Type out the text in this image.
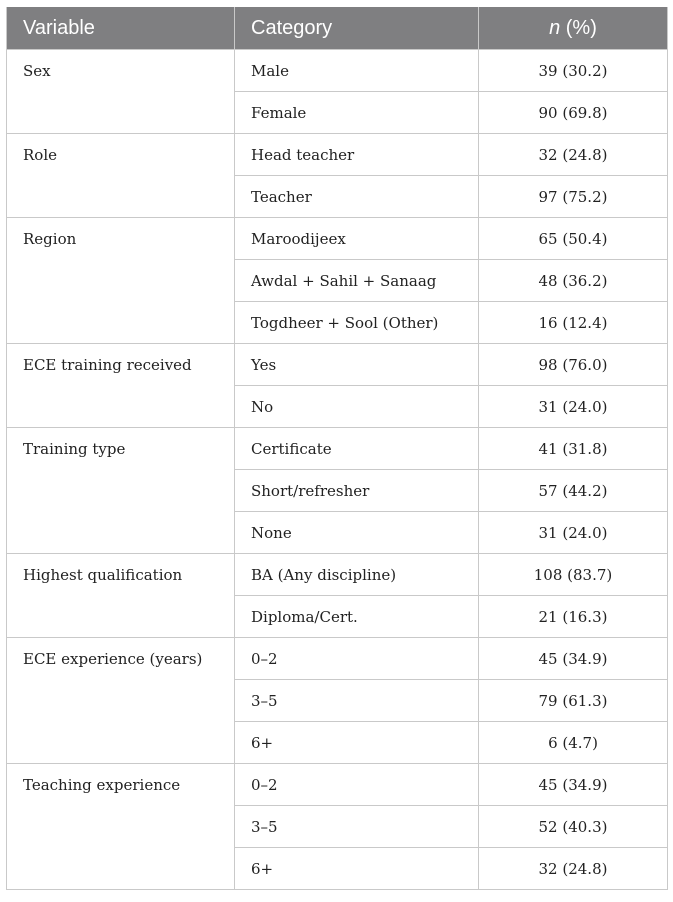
Variable	Category	n (%)
Sex	Male	39 (30.2)
	Female	90 (69.8)
Role	Head teacher	32 (24.8)
	Teacher	97 (75.2)
Region	Maroodijeex	65 (50.4)
	Awdal + Sahil + Sanaag	48 (36.2)
	Togdheer + Sool (Other)	16 (12.4)
ECE training received	Yes	98 (76.0)
	No	31 (24.0)
Training type	Certificate	41 (31.8)
	Short/refresher	57 (44.2)
	None	31 (24.0)
Highest qualification	BA (Any discipline)	108 (83.7)
	Diploma/Cert.	21 (16.3)
ECE experience (years)	0–2	45 (34.9)
	3–5	79 (61.3)
	6+	6 (4.7)
Teaching experience	0–2	45 (34.9)
	3–5	52 (40.3)
	6+	32 (24.8)
